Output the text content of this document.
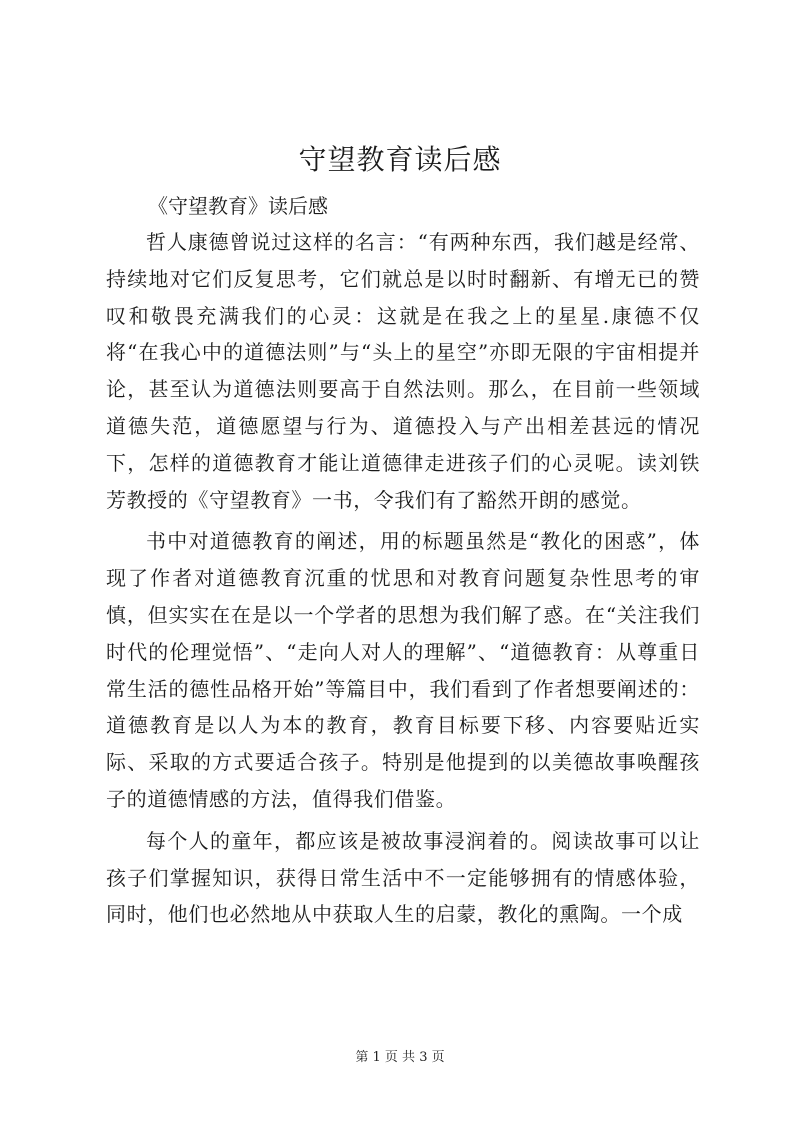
守望教育读后感

《守望教育》读后感

哲人康德曾说过这样的名言：“有两种东西，我们越是经常、持续地对它们反复思考，它们就总是以时时翻新、有增无已的赞叹和敬畏充满我们的心灵：这就是在我之上的星星.康德不仅将“在我心中的道德法则”与“头上的星空”亦即无限的宇宙相提并论，甚至认为道德法则要高于自然法则。那么，在目前一些领域道德失范，道德愿望与行为、道德投入与产出相差甚远的情况下，怎样的道德教育才能让道德律走进孩子们的心灵呢。读刘铁芳教授的《守望教育》一书，令我们有了豁然开朗的感觉。

书中对道德教育的阐述，用的标题虽然是“教化的困惑”，体现了作者对道德教育沉重的忧思和对教育问题复杂性思考的审慎，但实实在在是以一个学者的思想为我们解了惑。在“关注我们时代的伦理觉悟”、“走向人对人的理解”、“道德教育：从尊重日常生活的德性品格开始”等篇目中，我们看到了作者想要阐述的：道德教育是以人为本的教育，教育目标要下移、内容要贴近实际、采取的方式要适合孩子。特别是他提到的以美德故事唤醒孩子的道德情感的方法，值得我们借鉴。

每个人的童年，都应该是被故事浸润着的。阅读故事可以让孩子们掌握知识，获得日常生活中不一定能够拥有的情感体验，同时，他们也必然地从中获取人生的启蒙，教化的熏陶。一个成

第 1 页 共 3 页
